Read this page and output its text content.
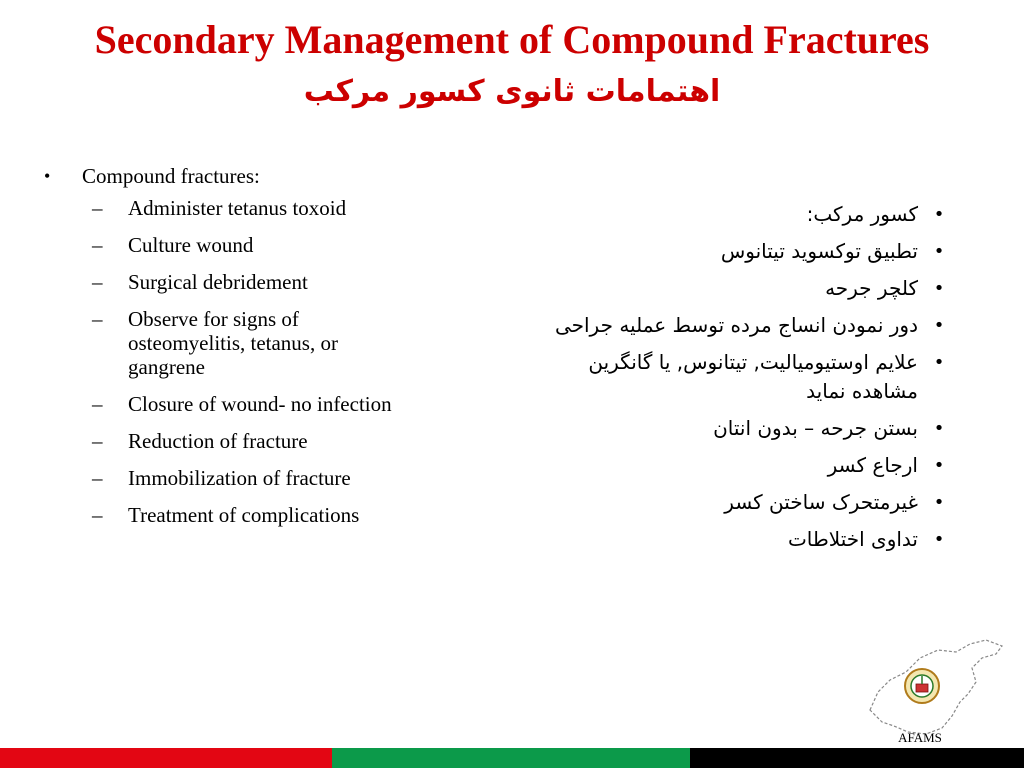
Secondary Management of Compound Fractures
اهتمامات ثانوی کسور مرکب
•	Compound fractures:
–	Administer tetanus toxoid
–	Culture wound
–	Surgical debridement
–	Observe for signs of osteomyelitis, tetanus, or gangrene
–	Closure of wound- no infection
–	Reduction of fracture
–	Immobilization of fracture
–	Treatment of complications
•
کسور مرکب:
•
تطبیق توکسوید تیتانوس
•
کلچر جرحه
•
دور نمودن انساج مرده توسط عملیه جراحی
•
علایم اوستیومیالیت, تیتانوس, یا گانگرین مشاهده نماید
•
بستن جرحه – بدون انتان
•
ارجاع کسر
•
غیرمتحرک ساختن کسر
•
تداوی اختلاطات
AFAMS
